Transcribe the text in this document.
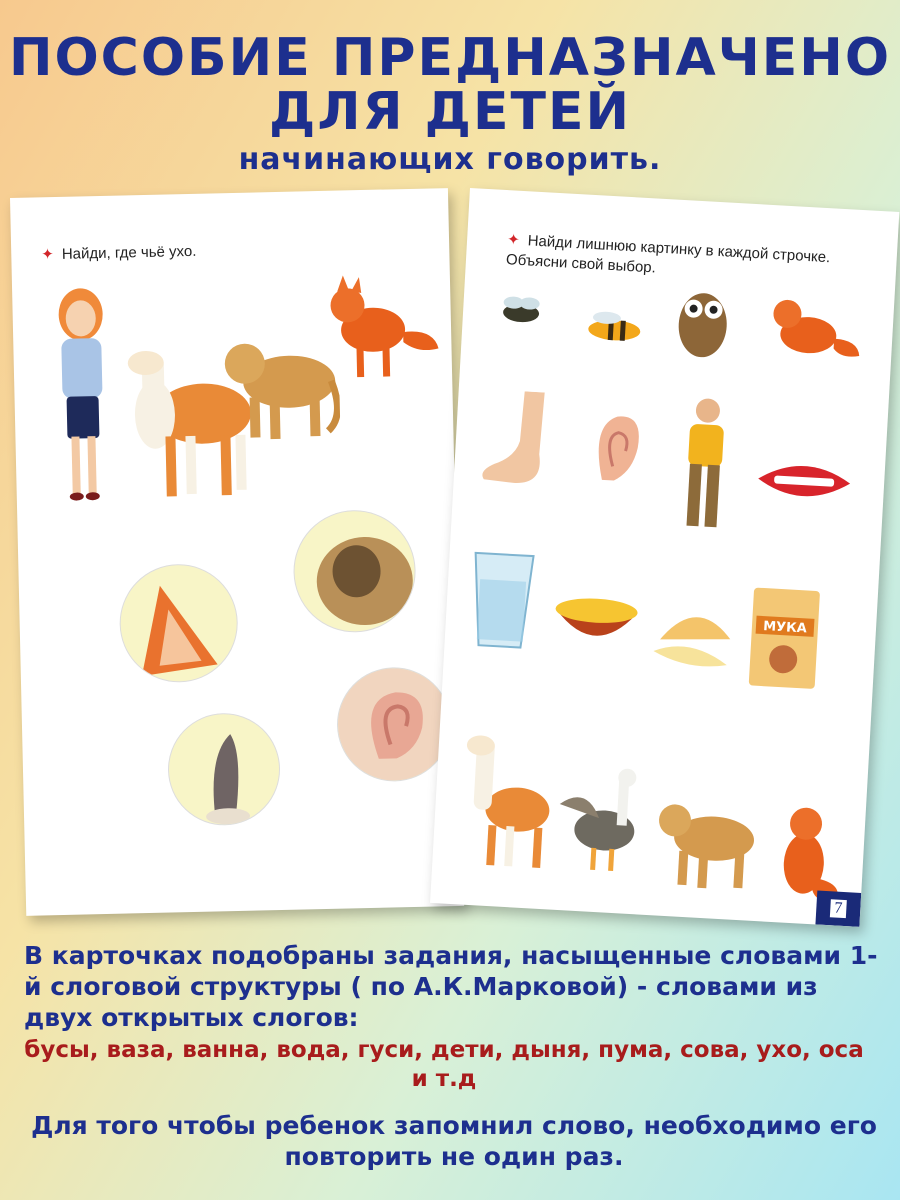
ПОСОБИЕ ПРЕДНАЗНАЧЕНО
ДЛЯ ДЕТЕЙ
начинающих говорить.
✦ Найди, где чьё ухо.
✦ Найди лишнюю картинку в каждой строчке. Объясни свой выбор.
МУКА
7
В карточках подобраны задания, насыщенные словами 1-й слоговой структуры ( по А.К.Марковой) - словами из двух открытых слогов:
бусы, ваза, ванна, вода, гуси, дети, дыня, пума, сова, ухо, оса и т.д
Для того чтобы ребенок запомнил слово, необходимо его повторить не один раз.
